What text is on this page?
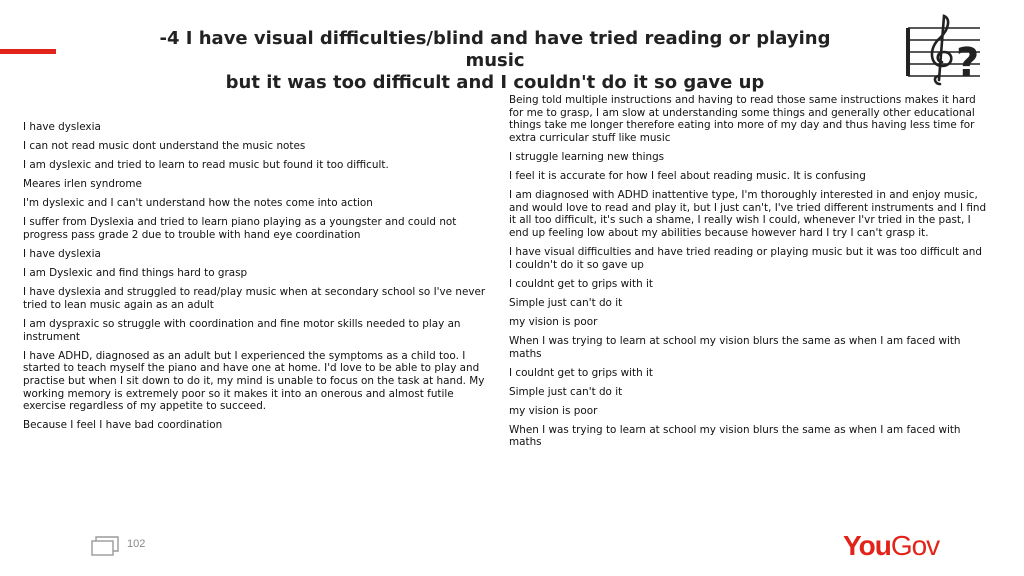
-4 I have visual difficulties/blind and have tried reading or playing music
but it was too difficult and I couldn't do it so gave up	?

I have dyslexia

I can not read music dont understand the music notes

I am dyslexic and tried to learn to read music but found it too difficult.

Meares irlen syndrome

I'm dyslexic and I can't understand how the notes come into action

I suffer from Dyslexia and tried to learn piano playing as a youngster and could not progress pass grade 2 due to trouble with hand eye coordination

I have dyslexia

I am Dyslexic and find things hard to grasp

I have dyslexia and struggled to read/play music when at secondary school so I've never tried to lean music again as an adult

I am dyspraxic so struggle with coordination and fine motor skills needed to play an instrument

I have ADHD, diagnosed as an adult but I experienced the symptoms as a child too. I started to teach myself the piano and have one at home. I'd love to be able to play and practise but when I sit down to do it, my mind is unable to focus on the task at hand. My working memory is extremely poor so it makes it into an onerous and almost futile exercise regardless of my appetite to succeed.

Because I feel I have bad coordination

Being told multiple instructions and having to read those same instructions makes it hard for me to grasp, I am slow at understanding some things and generally other educational things take me longer therefore eating into more of my day and thus having less time for extra curricular stuff like music

I struggle learning new things

I feel it is accurate for how I feel about reading music. It is confusing

I am diagnosed with ADHD inattentive type, I'm thoroughly interested in and enjoy music, and would love to read and play it, but I just can't, I've tried different instruments and I find it all too difficult, it's such a shame, I really wish I could, whenever I'vr tried in the past, I end up feeling low about my abilities because however hard I try I can't grasp it.

I have visual difficulties and have tried reading or playing music but it was too difficult and I couldn't do it so gave up

I couldnt get to grips with it

Simple just can't do it

my vision is poor

When I was trying to learn at school my vision blurs the same as when I am faced with maths

I couldnt get to grips with it

Simple just can't do it

my vision is poor

When I was trying to learn at school my vision blurs the same as when I am faced with maths

102	YouGov
